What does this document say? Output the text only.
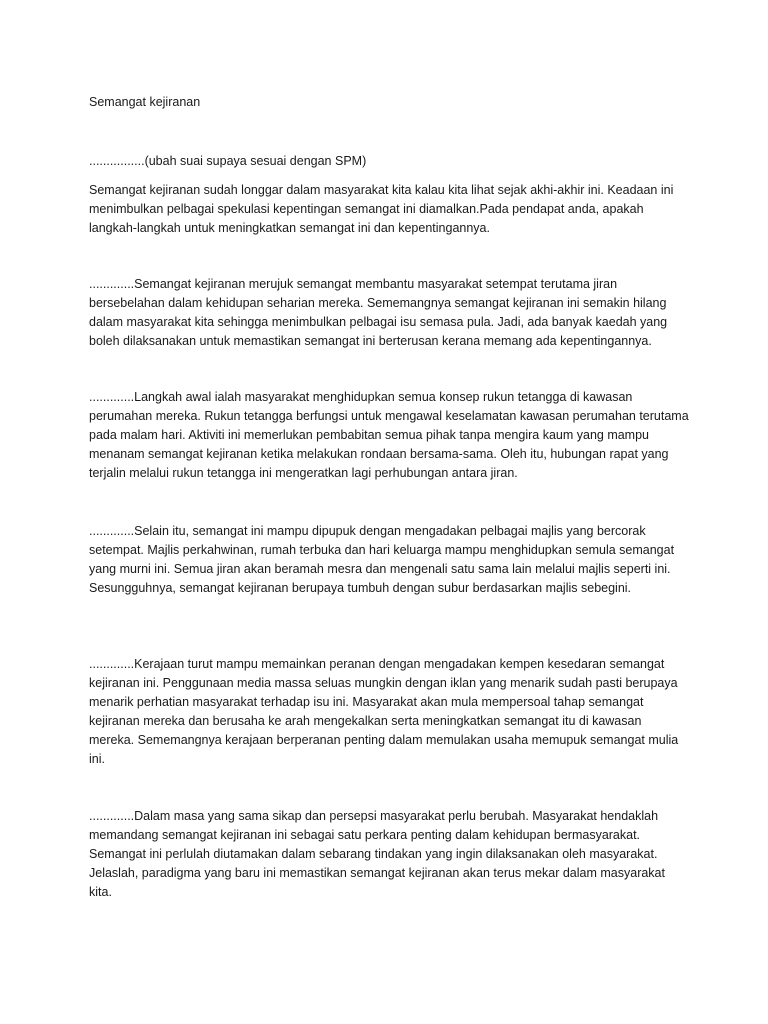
Semangat kejiranan

................(ubah suai supaya sesuai dengan SPM)

Semangat kejiranan sudah longgar dalam masyarakat kita kalau kita lihat sejak akhi-akhir ini. Keadaan ini menimbulkan pelbagai spekulasi kepentingan semangat ini diamalkan.Pada pendapat anda, apakah langkah-langkah untuk meningkatkan semangat ini dan kepentingannya.

.............Semangat kejiranan merujuk semangat membantu masyarakat setempat terutama jiran bersebelahan dalam kehidupan seharian mereka. Sememangnya semangat kejiranan ini semakin hilang dalam masyarakat kita sehingga menimbulkan pelbagai isu semasa pula. Jadi, ada banyak kaedah yang boleh dilaksanakan untuk memastikan semangat ini berterusan kerana memang ada kepentingannya.

.............Langkah awal ialah masyarakat menghidupkan semua konsep rukun tetangga di kawasan perumahan mereka. Rukun tetangga berfungsi untuk mengawal keselamatan kawasan perumahan terutama pada malam hari. Aktiviti ini memerlukan pembabitan semua pihak tanpa mengira kaum yang mampu menanam semangat kejiranan ketika melakukan rondaan bersama-sama. Oleh itu, hubungan rapat yang terjalin melalui rukun tetangga ini mengeratkan lagi perhubungan antara jiran.

.............Selain itu, semangat ini mampu dipupuk dengan mengadakan pelbagai majlis yang bercorak setempat. Majlis perkahwinan, rumah terbuka dan hari keluarga mampu menghidupkan semula semangat yang murni ini. Semua jiran akan beramah mesra dan mengenali satu sama lain melalui majlis seperti ini. Sesungguhnya, semangat kejiranan berupaya tumbuh dengan subur berdasarkan majlis sebegini.

.............Kerajaan turut mampu memainkan peranan dengan mengadakan kempen kesedaran semangat kejiranan ini. Penggunaan media massa seluas mungkin dengan iklan yang menarik sudah pasti berupaya menarik perhatian masyarakat terhadap isu ini. Masyarakat akan mula mempersoal tahap semangat kejiranan mereka dan berusaha ke arah mengekalkan serta meningkatkan semangat itu di kawasan mereka. Sememangnya kerajaan berperanan penting dalam memulakan usaha memupuk semangat mulia ini.

.............Dalam masa yang sama sikap dan persepsi masyarakat perlu berubah. Masyarakat hendaklah memandang semangat kejiranan ini sebagai satu perkara penting dalam kehidupan bermasyarakat. Semangat ini perlulah diutamakan dalam sebarang tindakan yang ingin dilaksanakan oleh masyarakat. Jelaslah, paradigma yang baru ini memastikan semangat kejiranan akan terus mekar dalam masyarakat kita.
